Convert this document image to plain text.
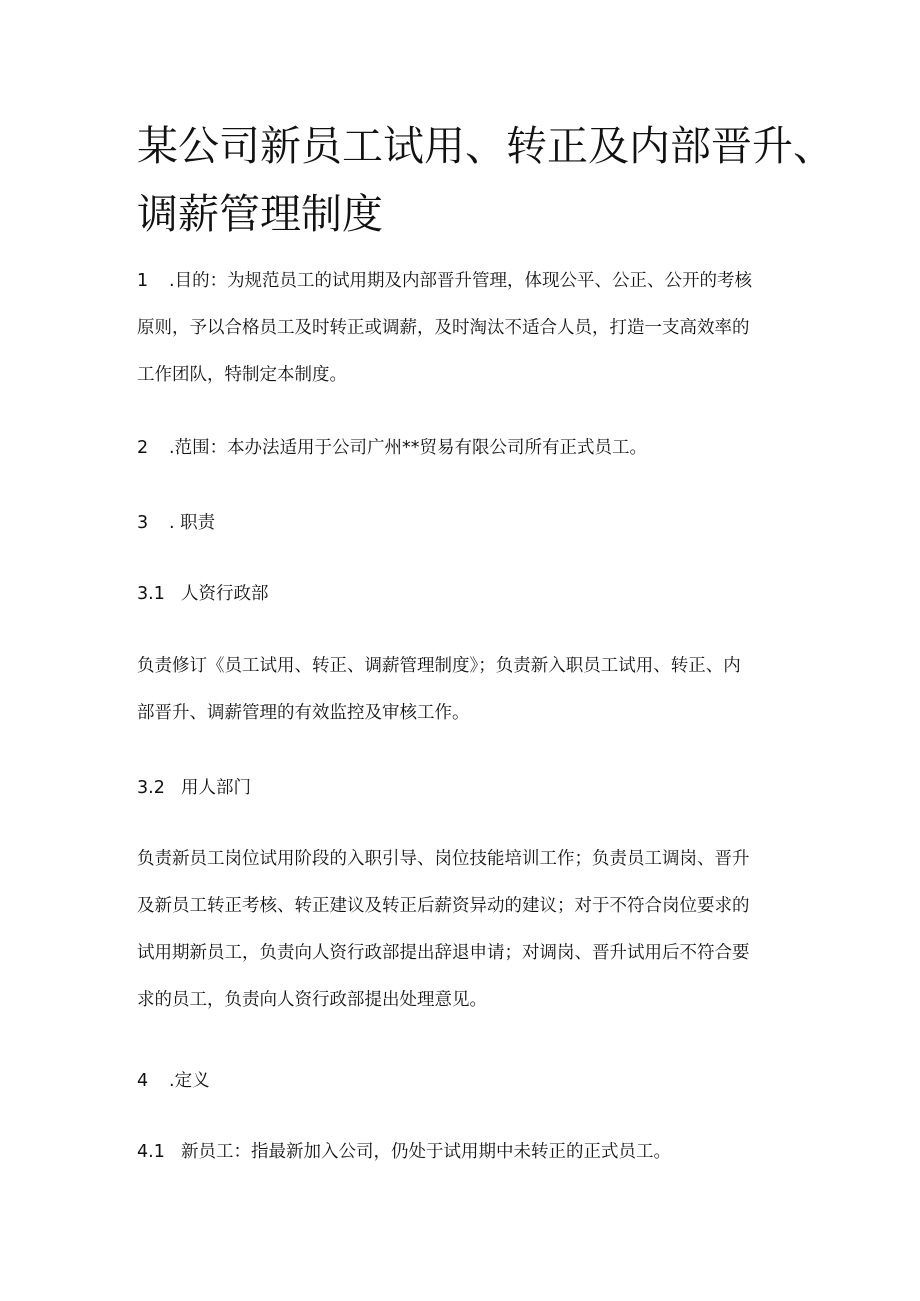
某公司新员工试用、转正及内部晋升、
调薪管理制度
1 .目的：为规范员工的试用期及内部晋升管理，体现公平、公正、公开的考核
原则，予以合格员工及时转正或调薪，及时淘汰不适合人员，打造一支高效率的
工作团队，特制定本制度。
2 .范围：本办法适用于公司广州**贸易有限公司所有正式员工。
3 . 职责
3.1 人资行政部
负责修订《员工试用、转正、调薪管理制度》；负责新入职员工试用、转正、内
部晋升、调薪管理的有效监控及审核工作。
3.2 用人部门
负责新员工岗位试用阶段的入职引导、岗位技能培训工作；负责员工调岗、晋升
及新员工转正考核、转正建议及转正后薪资异动的建议；对于不符合岗位要求的
试用期新员工，负责向人资行政部提出辞退申请；对调岗、晋升试用后不符合要
求的员工，负责向人资行政部提出处理意见。
4 .定义
4.1 新员工：指最新加入公司，仍处于试用期中未转正的正式员工。
